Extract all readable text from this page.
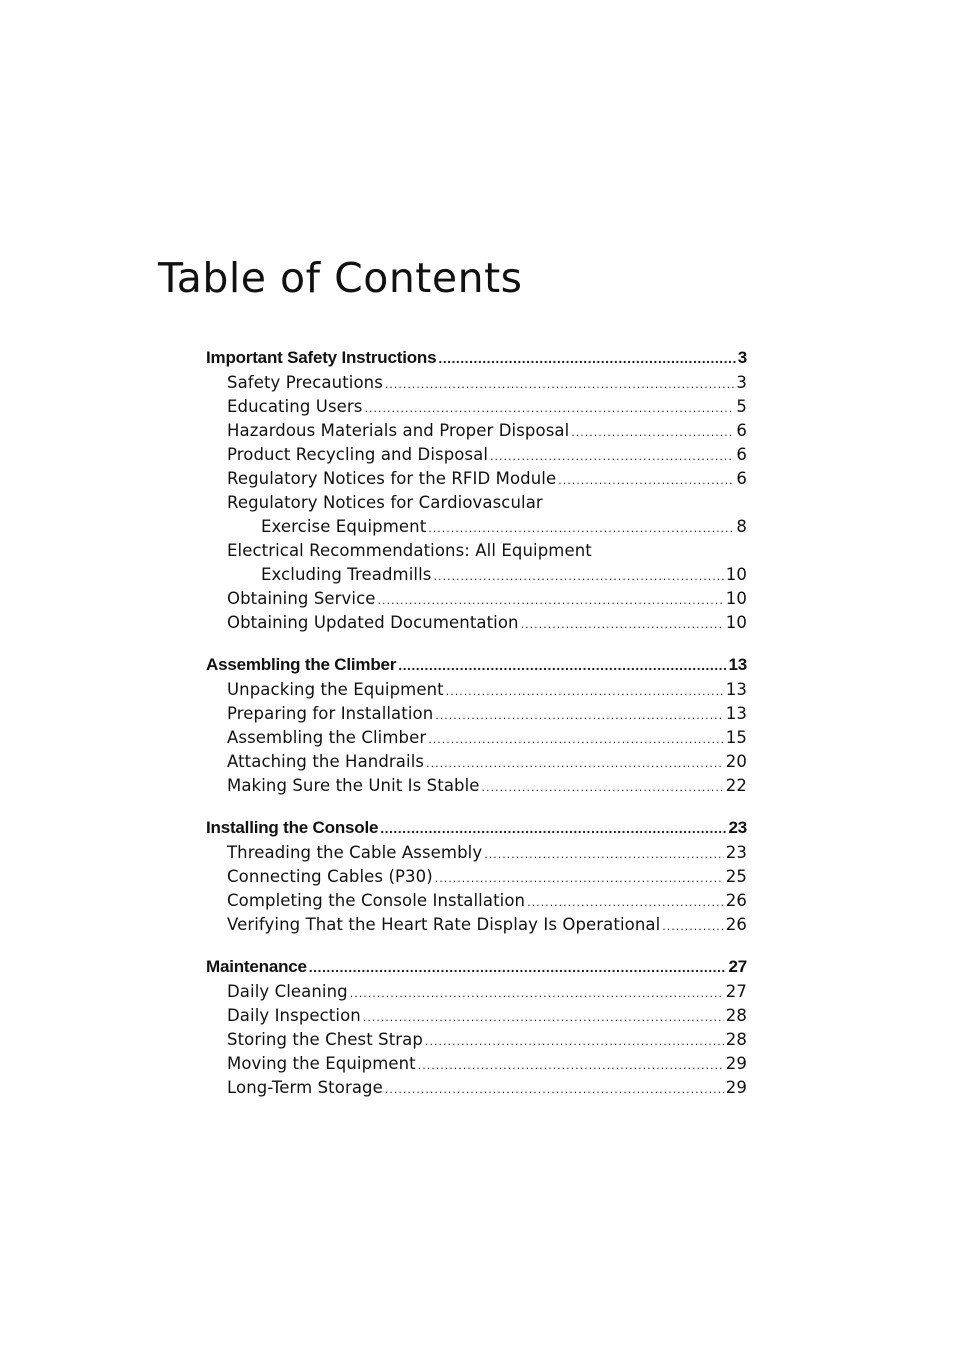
Table of Contents
Important Safety Instructions .....	3
Safety Precautions .....	3
Educating Users .....	5
Hazardous Materials and Proper Disposal .....	6
Product Recycling and Disposal .....	6
Regulatory Notices for the RFID Module .....	6
Regulatory Notices for Cardiovascular
Exercise Equipment .....	8
Electrical Recommendations: All Equipment
Excluding Treadmills .....	10
Obtaining Service .....	10
Obtaining Updated Documentation .....	10
Assembling the Climber .....	13
Unpacking the Equipment .....	13
Preparing for Installation .....	13
Assembling the Climber .....	15
Attaching the Handrails .....	20
Making Sure the Unit Is Stable .....	22
Installing the Console .....	23
Threading the Cable Assembly .....	23
Connecting Cables (P30) .....	25
Completing the Console Installation .....	26
Verifying That the Heart Rate Display Is Operational .....	26
Maintenance .....	27
Daily Cleaning .....	27
Daily Inspection .....	28
Storing the Chest Strap .....	28
Moving the Equipment .....	29
Long-Term Storage .....	29
